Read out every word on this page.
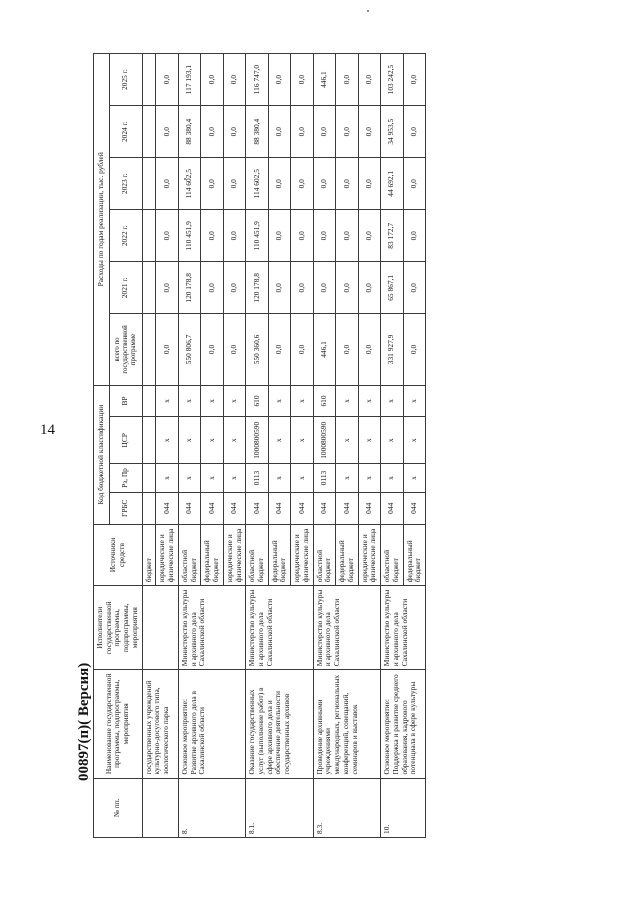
14
00897(п)( Версия)
№ пп.	Наименование государственной программы, подпрограммы, мероприятия	Исполнители государственной программы, подпрограммы, мероприятия	Источники средств	Код бюджетной классификации				Расходы по годам реализации, тыс. рублей					
				ГРБС	Рз, Пр	ЦСР	ВР	всего по государственной программе	2021 г.	2022 г.	2023 г.	2024 г.	2025 г.
	государственных учреждений культурно-досугового типа, зоологического парка		бюджет										
			юридические и физические лица	044	x	x	x	0,0	0,0	0,0	0,0	0,0	0,0
8.	Основное мероприятие: Развитие архивного дела в Сахалинской области	Министерство культуры и архивного дела Сахалинской области	областной бюджет	044	x	x	x	550 806,7	120 178,8	110 451,9	114 602,5	88 380,4	117 193,1
			федеральный бюджет	044	x	x	x	0,0	0,0	0,0	0,0	0,0	0,0
			юридические и физические лица	044	x	x	x	0,0	0,0	0,0	0,0	0,0	0,0
8.1.	Оказание государственных услуг (выполнение работ) в сфере архивного дела и обеспечение деятельности государственных архивов	Министерство культуры и архивного дела Сахалинской области	областной бюджет	044	0113	1000800590	610	550 360,6	120 178,8	110 451,9	114 602,5	88 380,4	116 747,0
			федеральный бюджет	044	x	x	x	0,0	0,0	0,0	0,0	0,0	0,0
			юридические и физические лица	044	x	x	x	0,0	0,0	0,0	0,0	0,0	0,0
8.3.	Проведение архивными учреждениями международных, региональных конференций, совещаний, семинаров и выставок	Министерство культуры и архивного дела Сахалинской области	областной бюджет	044	0113	1000800590	610	446,1	0,0	0,0	0,0	0,0	446,1
			федеральный бюджет	044	x	x	x	0,0	0,0	0,0	0,0	0,0	0,0
			юридические и физические лица	044	x	x	x	0,0	0,0	0,0	0,0	0,0	0,0
10.	Основное мероприятие: Поддержка и развитие среднего образования, кадрового потенциала в сфере культуры	Министерство культуры и архивного дела Сахалинской области	областной бюджет	044	x	x	x	331 927,9	65 867,1	83 172,7	44 692,1	34 953,5	103 242,5
			федеральный бюджет	044	x	x	x	0,0	0,0	0,0	0,0	0,0	0,0
